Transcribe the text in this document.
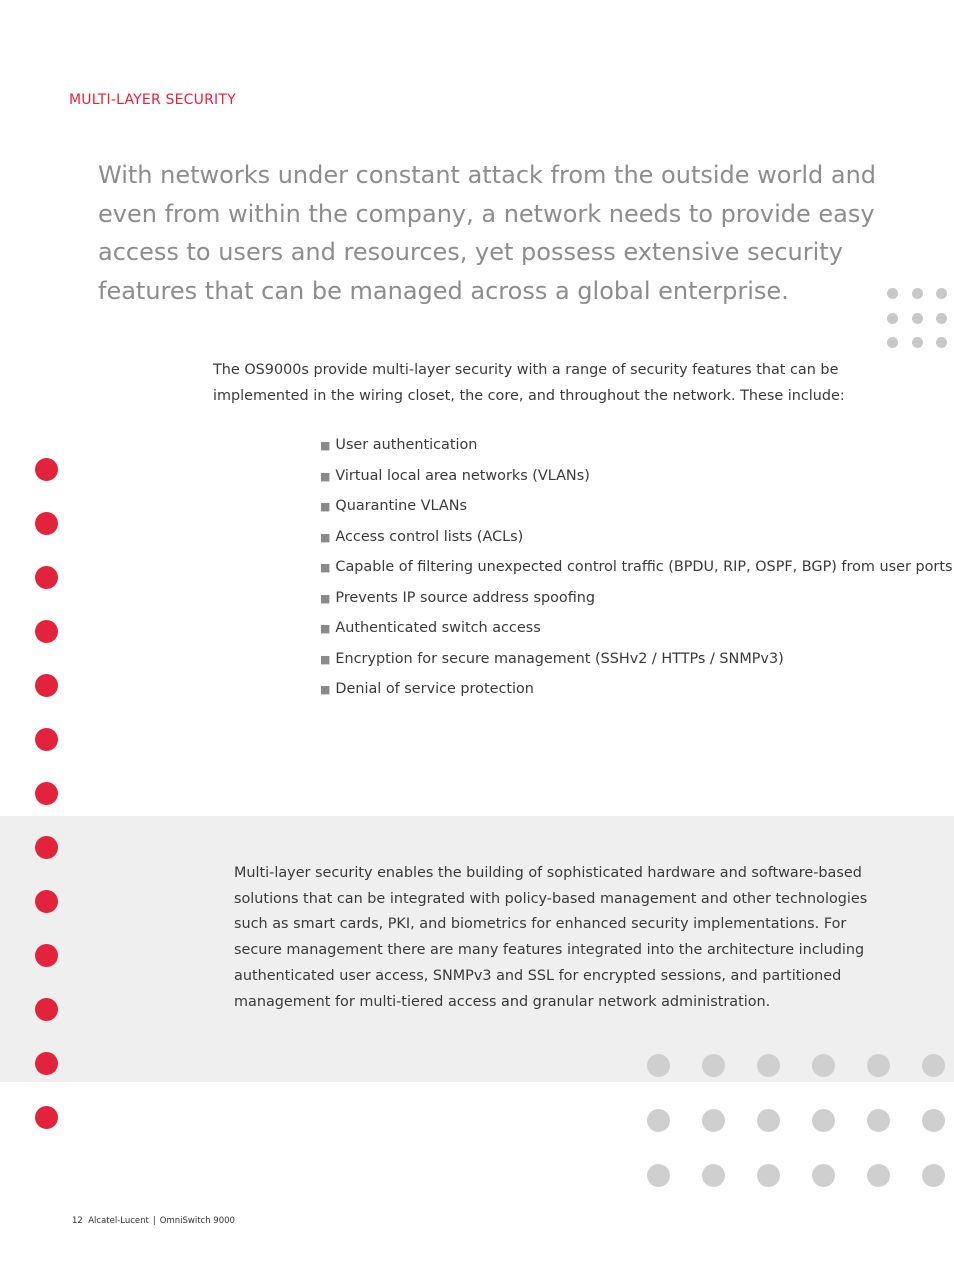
MULTI-LAYER SECURITY

With networks under constant attack from the outside world and even from within the company, a network needs to provide easy access to users and resources, yet possess extensive security features that can be managed across a global enterprise.

The OS9000s provide multi-layer security with a range of security features that can be implemented in the wiring closet, the core, and throughout the network. These include:

■ User authentication
■ Virtual local area networks (VLANs)
■ Quarantine VLANs
■ Access control lists (ACLs)
■ Capable of filtering unexpected control traffic (BPDU, RIP, OSPF, BGP) from user ports
■ Prevents IP source address spoofing
■ Authenticated switch access
■ Encryption for secure management (SSHv2 / HTTPs / SNMPv3)
■ Denial of service protection

Multi-layer security enables the building of sophisticated hardware and software-based solutions that can be integrated with policy-based management and other technologies such as smart cards, PKI, and biometrics for enhanced security implementations. For secure management there are many features integrated into the architecture including authenticated user access, SNMPv3 and SSL for encrypted sessions, and partitioned management for multi-tiered access and granular network administration.

12 Alcatel-Lucent | OmniSwitch 9000
